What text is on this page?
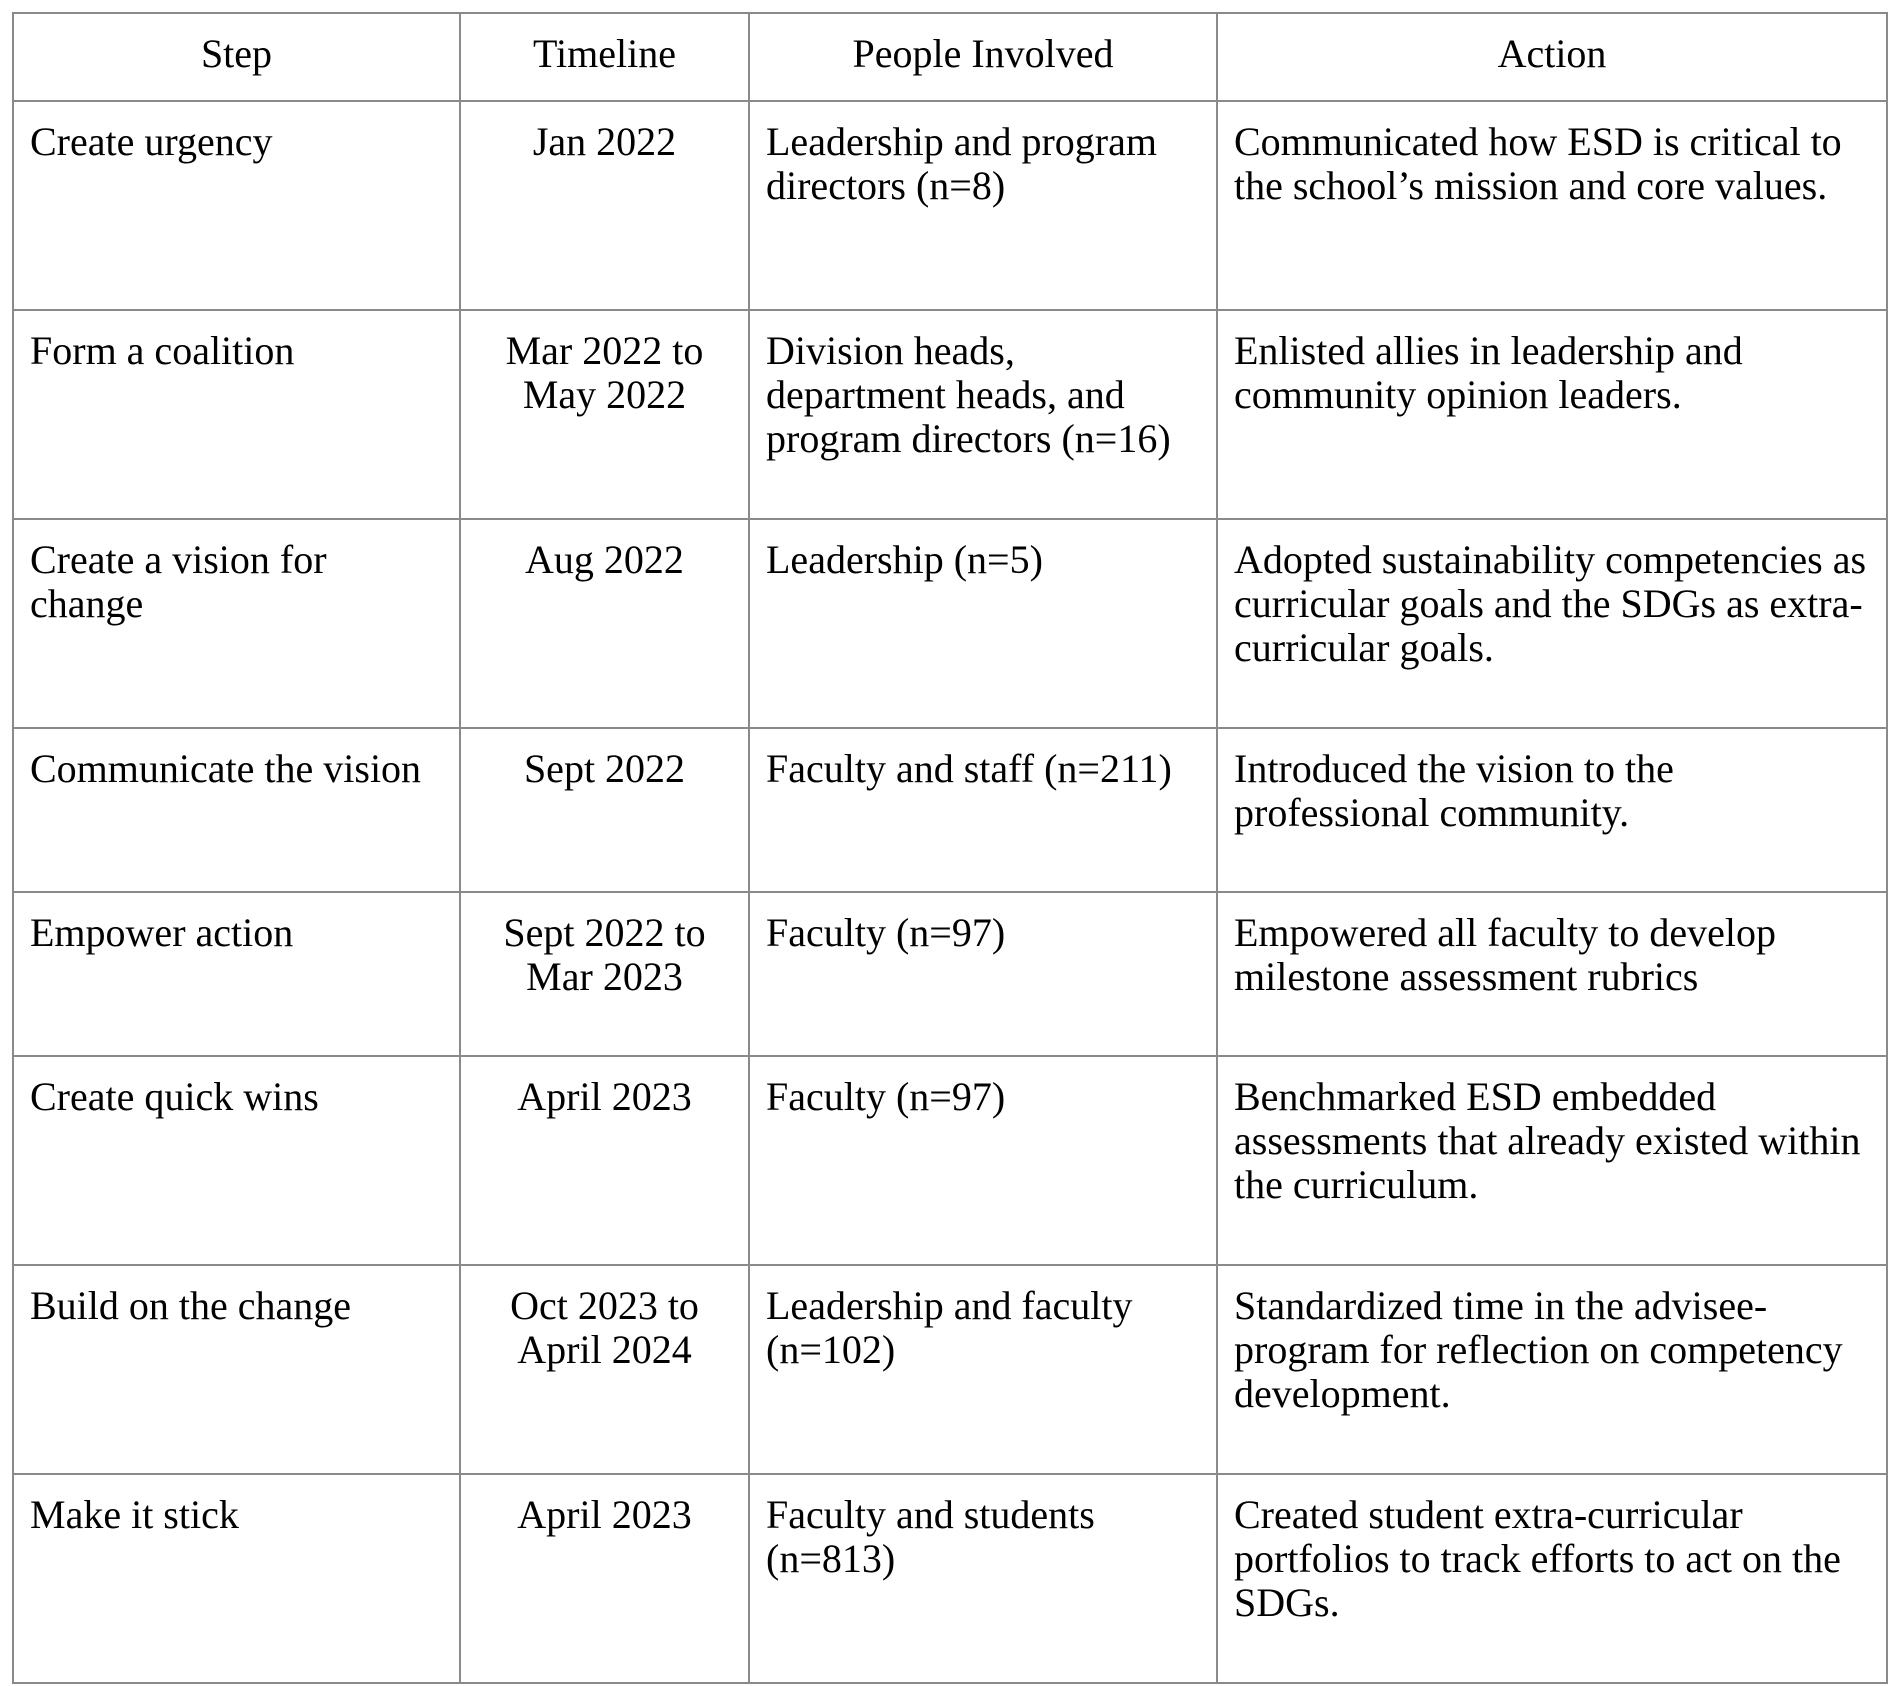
Step	Timeline	People Involved	Action
Create urgency	Jan 2022	Leadership and program directors (n=8)	Communicated how ESD is critical to the school’s mission and core values.
Form a coalition	Mar 2022 to May 2022	Division heads, department heads, and program directors (n=16)	Enlisted allies in leadership and community opinion leaders.
Create a vision for change	Aug 2022	Leadership (n=5)	Adopted sustainability competencies as curricular goals and the SDGs as extra-curricular goals.
Communicate the vision	Sept 2022	Faculty and staff (n=211)	Introduced the vision to the professional community.
Empower action	Sept 2022 to Mar 2023	Faculty (n=97)	Empowered all faculty to develop milestone assessment rubrics
Create quick wins	April 2023	Faculty (n=97)	Benchmarked ESD embedded assessments that already existed within the curriculum.
Build on the change	Oct 2023 to April 2024	Leadership and faculty (n=102)	Standardized time in the advisee-program for reflection on competency development.
Make it stick	April 2023	Faculty and students (n=813)	Created student extra-curricular portfolios to track efforts to act on the SDGs.
